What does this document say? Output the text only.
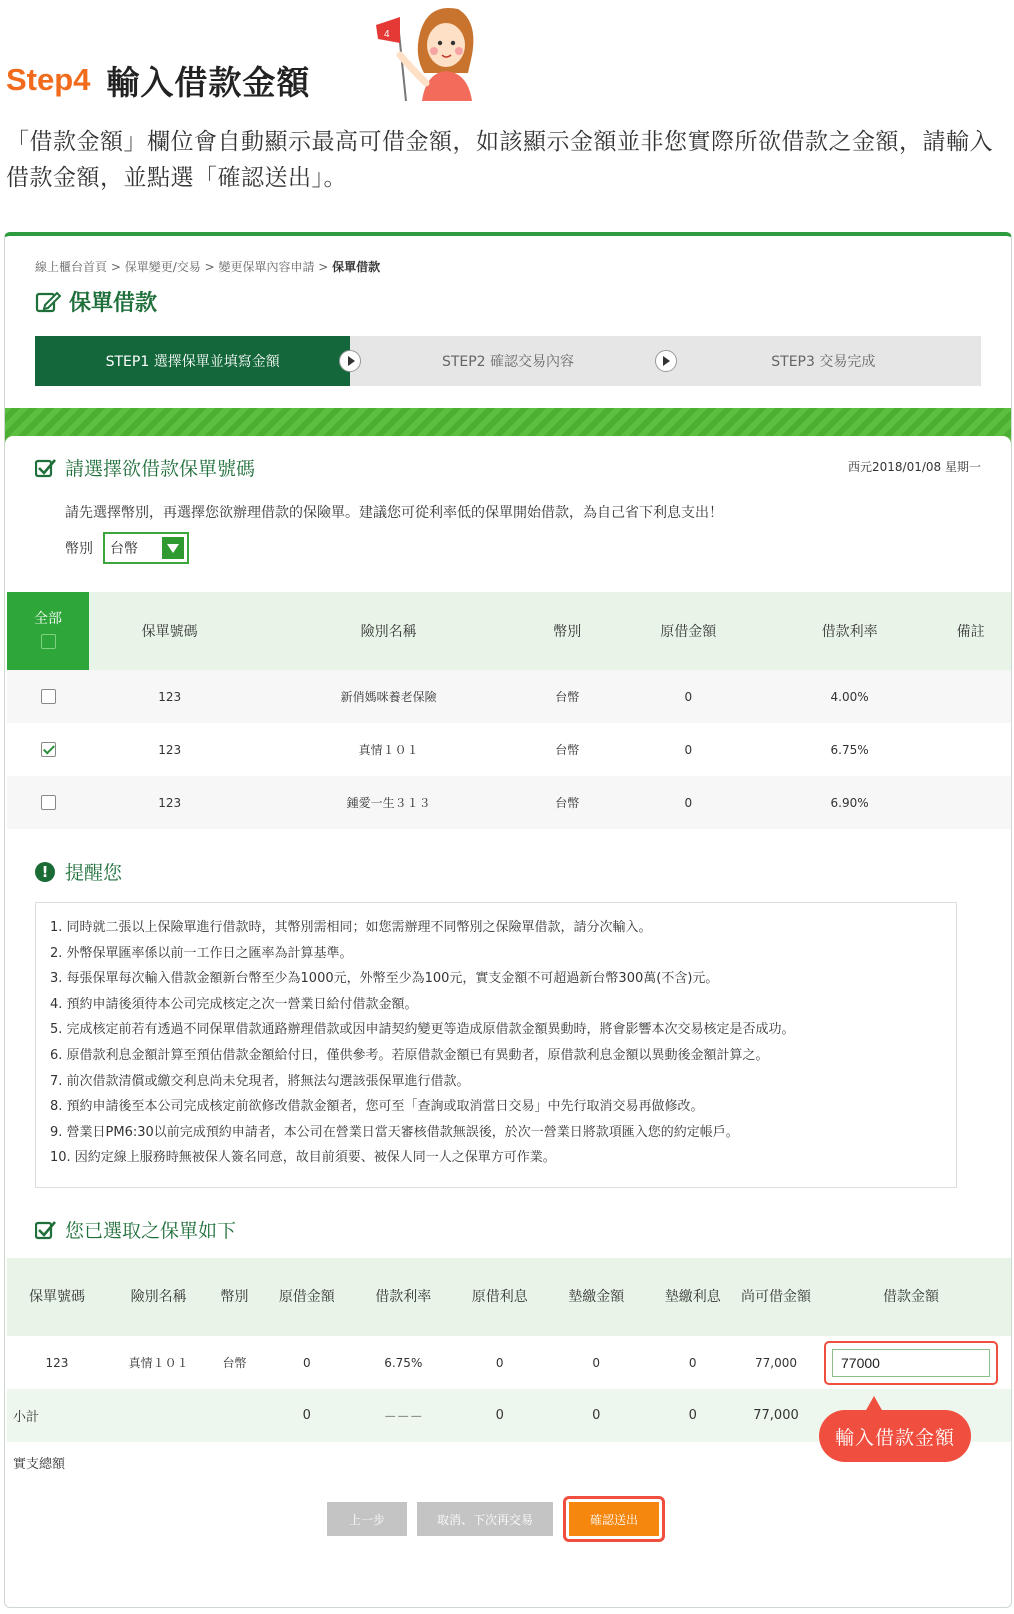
Step4 輸入借款金額
4
「借款金額」欄位會自動顯示最高可借金額，如該顯示金額並非您實際所欲借款之金額，請輸入借款金額，並點選「確認送出」。
線上櫃台首頁 > 保單變更/交易 > 變更保單內容申請 > 保單借款
保單借款
STEP1 選擇保單並填寫金額	STEP2 確認交易內容	STEP3 交易完成
請選擇欲借款保單號碼	西元2018/01/08 星期一
請先選擇幣別，再選擇您欲辦理借款的保險單。建議您可從利率低的保單開始借款，為自己省下利息支出！
幣別 台幣
全部	保單號碼	險別名稱	幣別	原借金額	借款利率	備註
	123	新俏媽咪養老保險	台幣	0	4.00%	
	123	真情１０１	台幣	0	6.75%	
	123	鍾愛一生３１３	台幣	0	6.90%	
! 提醒您
1. 同時就二張以上保險單進行借款時，其幣別需相同；如您需辦理不同幣別之保險單借款，請分次輸入。
2. 外幣保單匯率係以前一工作日之匯率為計算基準。
3. 每張保單每次輸入借款金額新台幣至少為1000元，外幣至少為100元，實支金額不可超過新台幣300萬(不含)元。
4. 預約申請後須待本公司完成核定之次一營業日給付借款金額。
5. 完成核定前若有透過不同保單借款通路辦理借款或因申請契約變更等造成原借款金額異動時，將會影響本次交易核定是否成功。
6. 原借款利息金額計算至預估借款金額給付日，僅供參考。若原借款金額已有異動者，原借款利息金額以異動後金額計算之。
7. 前次借款清償或繳交利息尚未兌現者，將無法勾選該張保單進行借款。
8. 預約申請後至本公司完成核定前欲修改借款金額者，您可至「查詢或取消當日交易」中先行取消交易再做修改。
9. 營業日PM6:30以前完成預約申請者，本公司在營業日當天審核借款無誤後，於次一營業日將款項匯入您的約定帳戶。
10. 因約定線上服務時無被保人簽名同意，故目前須要、被保人同一人之保單方可作業。
您已選取之保單如下
保單號碼	險別名稱	幣別	原借金額	借款利率	原借利息	墊繳金額	墊繳利息	尚可借金額	借款金額
123	真情１０１	台幣	0	6.75%	0	0	0	77,000	77000
小計			0	－－－	0	0	0	77,000	
實支總額									
輸入借款金額
上一步	取消、下次再交易	確認送出
